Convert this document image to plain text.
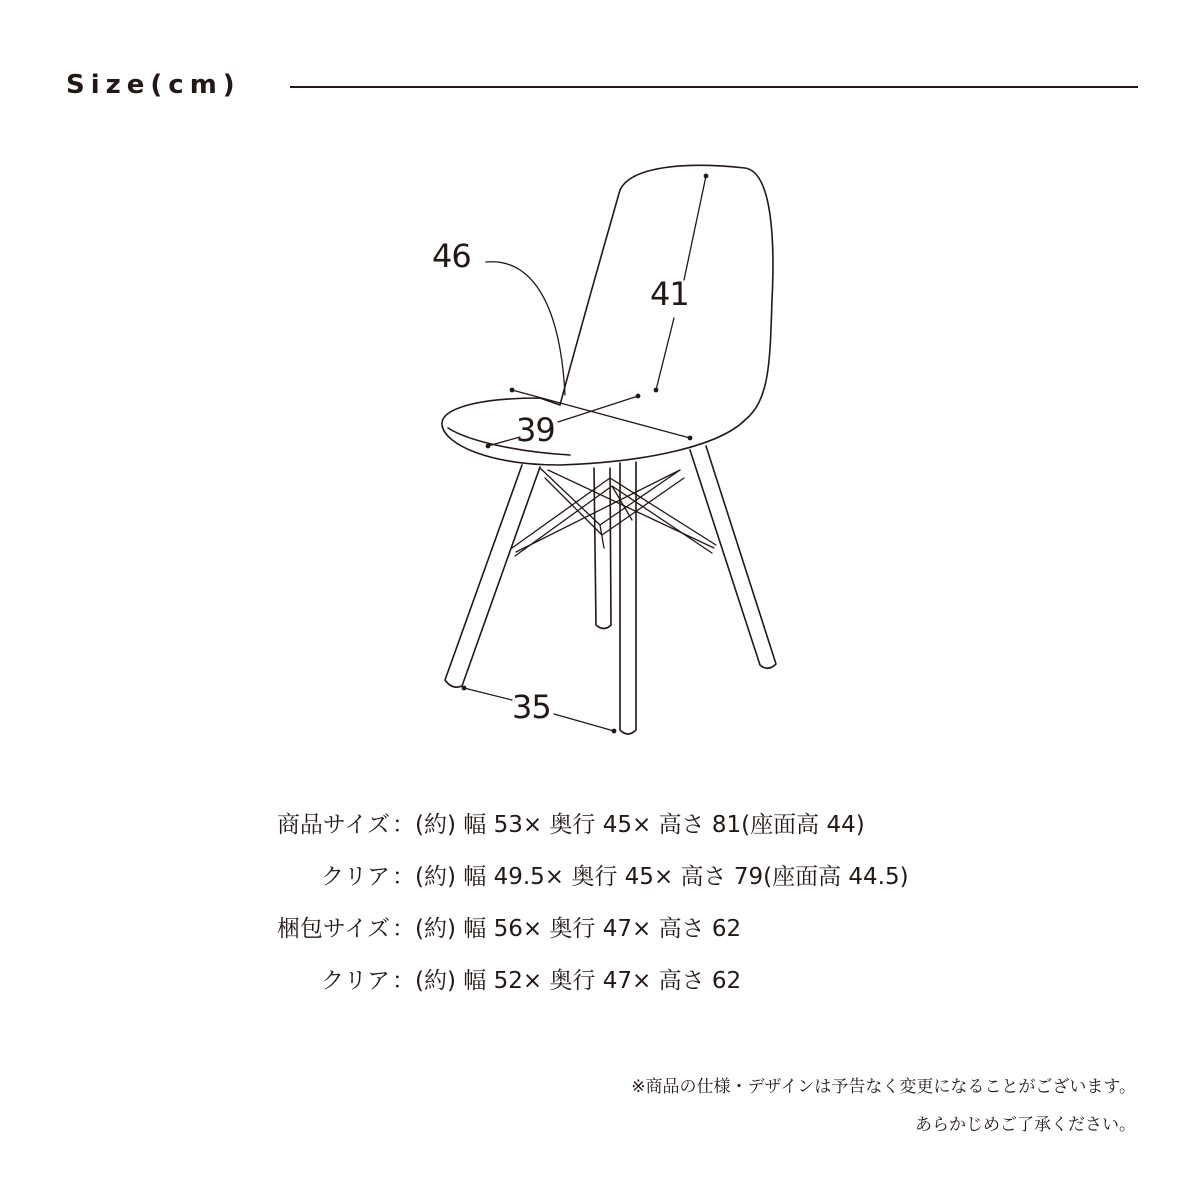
Size(cm)
46
41
39
35
商品サイズ　
：(約) 幅 53× 奥行 45× 高さ 81(座面高 44)
クリア ：(約) 幅 49.5× 奥行 45× 高さ 79(座面高 44.5)
梱包サイズ　
：(約) 幅 56× 奥行 47× 高さ 62
クリア ：(約) 幅 52× 奥行 47× 高さ 62
※商品の仕様・デザインは予告なく変更になることがございます。
あらかじめご了承ください。
